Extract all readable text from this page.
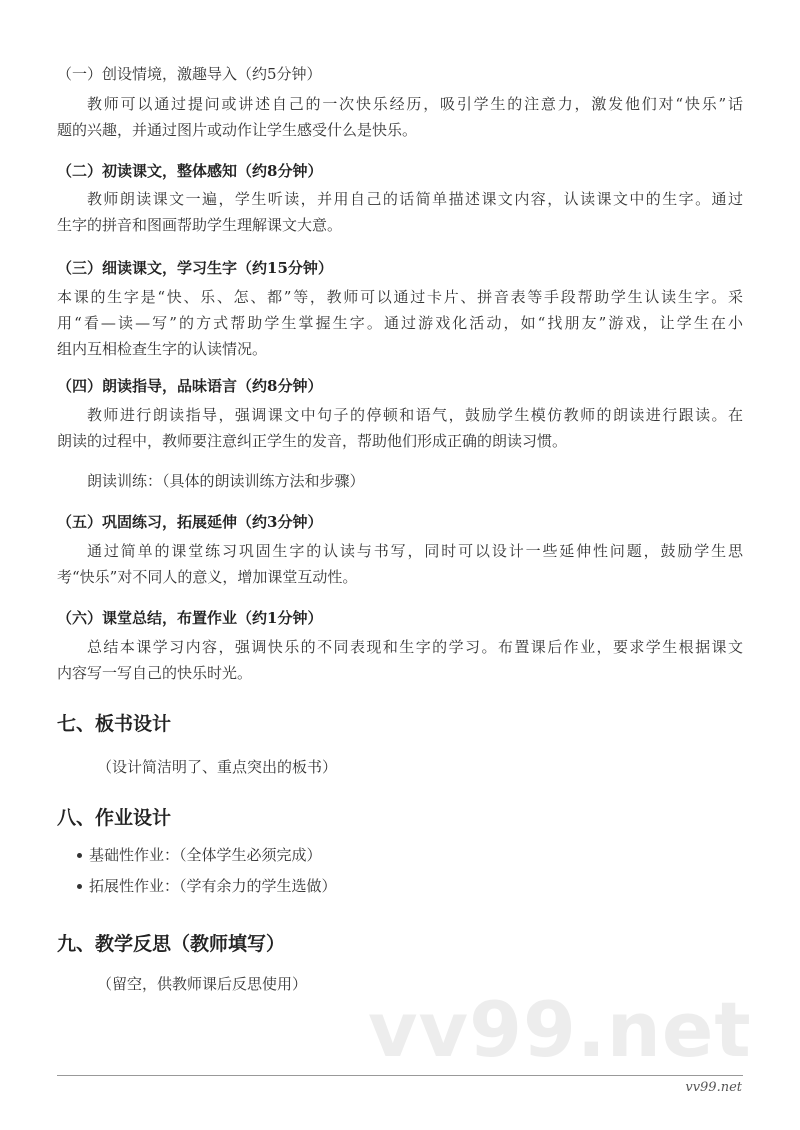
（一）创设情境，激趣导入（约5分钟）
教师可以通过提问或讲述自己的一次快乐经历，吸引学生的注意力，激发他们对“快乐”话
题的兴趣，并通过图片或动作让学生感受什么是快乐。
（二）初读课文，整体感知（约8分钟）
教师朗读课文一遍，学生听读，并用自己的话简单描述课文内容，认读课文中的生字。通过
生字的拼音和图画帮助学生理解课文大意。
（三）细读课文，学习生字（约15分钟）
本课的生字是“快、乐、怎、都”等，教师可以通过卡片、拼音表等手段帮助学生认读生字。采
用“看—读—写”的方式帮助学生掌握生字。通过游戏化活动，如“找朋友”游戏，让学生在小
组内互相检查生字的认读情况。
（四）朗读指导，品味语言（约8分钟）
教师进行朗读指导，强调课文中句子的停顿和语气，鼓励学生模仿教师的朗读进行跟读。在
朗读的过程中，教师要注意纠正学生的发音，帮助他们形成正确的朗读习惯。
朗读训练：（具体的朗读训练方法和步骤）
（五）巩固练习，拓展延伸（约3分钟）
通过简单的课堂练习巩固生字的认读与书写，同时可以设计一些延伸性问题，鼓励学生思
考“快乐”对不同人的意义，增加课堂互动性。
（六）课堂总结，布置作业（约1分钟）
总结本课学习内容，强调快乐的不同表现和生字的学习。布置课后作业，要求学生根据课文
内容写一写自己的快乐时光。
七、板书设计
（设计简洁明了、重点突出的板书）
八、作业设计
基础性作业：（全体学生必须完成）
拓展性作业：（学有余力的学生选做）
九、教学反思（教师填写）
（留空，供教师课后反思使用）
vv99.net
vv99.net
